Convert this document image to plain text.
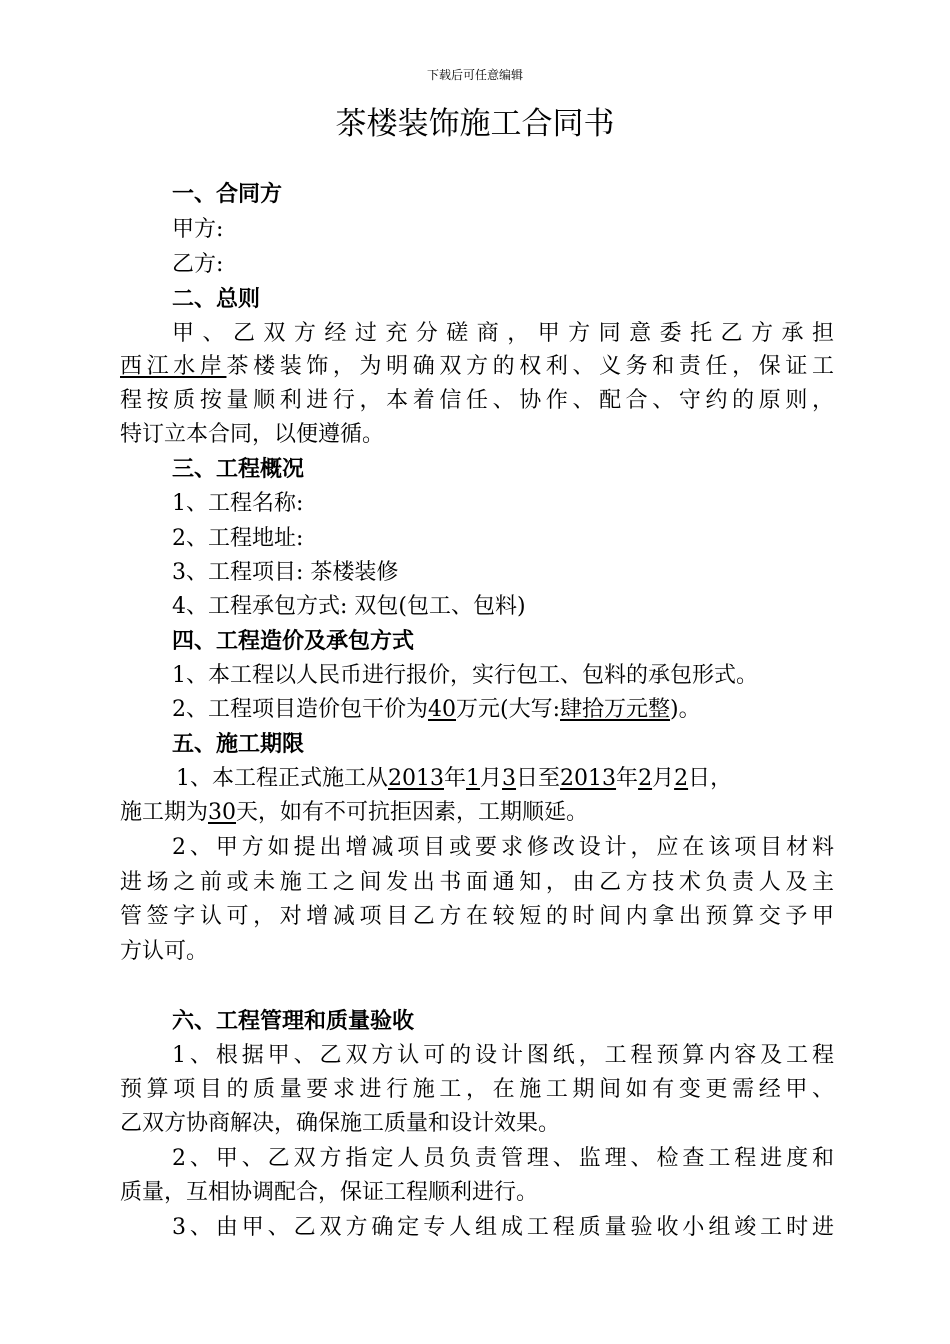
下载后可任意编辑
茶楼装饰施工合同书
一、合同方
甲方:
乙方:
二、总则
甲、乙双方经过充分磋商，甲方同意委托乙方承担
西江水岸茶楼装饰，为明确双方的权利、义务和责任，保证工
程按质按量顺利进行，本着信任、协作、配合、守约的原则，
特订立本合同，以便遵循。
三、工程概况
1、工程名称:
2、工程地址:
3、工程项目: 茶楼装修
4、工程承包方式: 双包(包工、包料)
四、工程造价及承包方式
1、本工程以人民币进行报价，实行包工、包料的承包形式。
2、工程项目造价包干价为40万元(大写:肆拾万元整)。
五、施工期限
1、本工程正式施工从2013年1月3日至2013年2月2日，
施工期为30天，如有不可抗拒因素，工期顺延。
2、甲方如提出增减项目或要求修改设计，应在该项目材料
进场之前或未施工之间发出书面通知，由乙方技术负责人及主
管签字认可，对增减项目乙方在较短的时间内拿出预算交予甲
方认可。
六、工程管理和质量验收
1、根据甲、乙双方认可的设计图纸，工程预算内容及工程
预算项目的质量要求进行施工，在施工期间如有变更需经甲、
乙双方协商解决，确保施工质量和设计效果。
2、甲、乙双方指定人员负责管理、监理、检查工程进度和
质量，互相协调配合，保证工程顺利进行。
3、由甲、乙双方确定专人组成工程质量验收小组竣工时进
